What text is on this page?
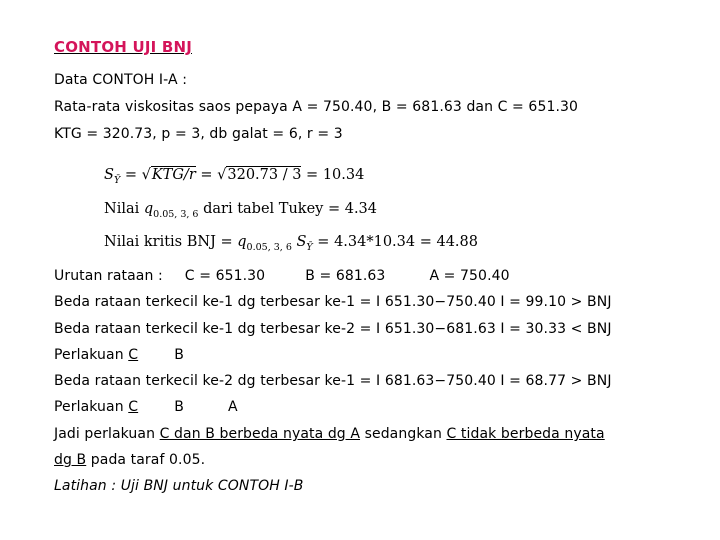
CONTOH UJI BNJ
Data CONTOH I-A :
Rata-rata viskositas saos pepaya A = 750.40, B = 681.63 dan C = 651.30
KTG = 320.73, p = 3, db galat = 6, r = 3
$S_Ȳ = √KTG/r = √320.73 / 3 = 10.34$
Nilai $q_{0.05, 3, 6}$ dari tabel Tukey = 4.34
Nilai kritis BNJ = $q_{0.05, 3, 6}$ $S_Ȳ = 4.34*10.34 = 44.88$
Urutan rataan : C = 651.30	B = 681.63	A = 750.40
Beda rataan terkecil ke-1 dg terbesar ke-1 = I 651.30−750.40 I = 99.10 > BNJ
Beda rataan terkecil ke-1 dg terbesar ke-2 = I 651.30−681.63 I = 30.33 < BNJ
Perlakuan C	B
Beda rataan terkecil ke-2 dg terbesar ke-1 = I 681.63−750.40 I = 68.77 > BNJ
Perlakuan C	B	A
Jadi perlakuan C dan B berbeda nyata dg A sedangkan C tidak berbeda nyata
dg B pada taraf 0.05.
Latihan : Uji BNJ untuk CONTOH I-B
